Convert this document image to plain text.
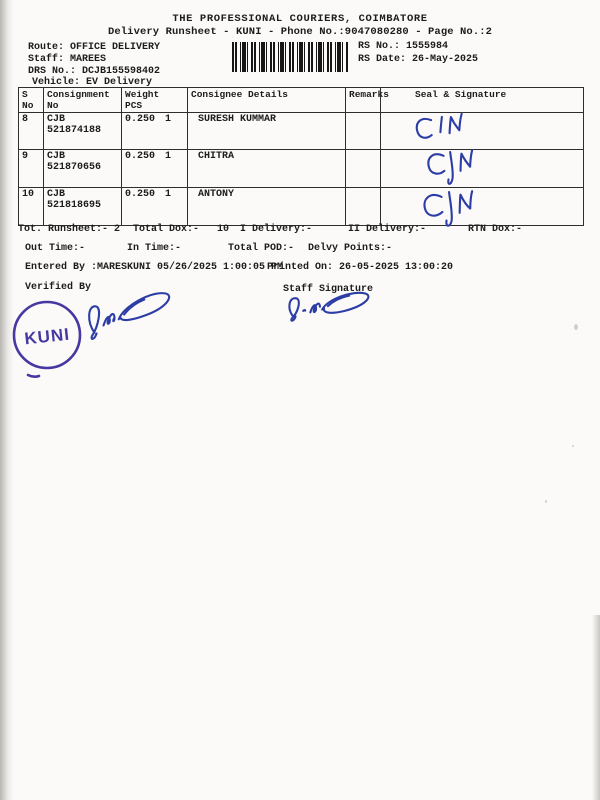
THE PROFESSIONAL COURIERS, COIMBATORE
Delivery Runsheet - KUNI - Phone No.:9047080280 - Page No.:2
Route: OFFICE DELIVERY
Staff: MAREES
DRS No.: DCJB155598402
Vehicle: EV Delivery
RS No.: 1555984
RS Date: 26-May-2025
S No	Consignment No	WeightPCS	Consignee Details	Remarks	Seal & Signature
8	CJB 521874188	0.250 1	SURESH KUMMAR		
9	CJB 521870656	0.250 1	CHITRA		
10	CJB 521818695	0.250 1	ANTONY		
Tot. Runsheet:- 2 Total Dox:- 10 I Delivery:-	II Delivery:-	RTN Dox:-
Out Time:-	In Time:-	Total POD:- Delvy Points:-
Entered By :MARESKUNI 05/26/2025 1:00:05 PM
Printed On: 26-05-2025 13:00:20
Verified By	Staff Signature
KUNI
